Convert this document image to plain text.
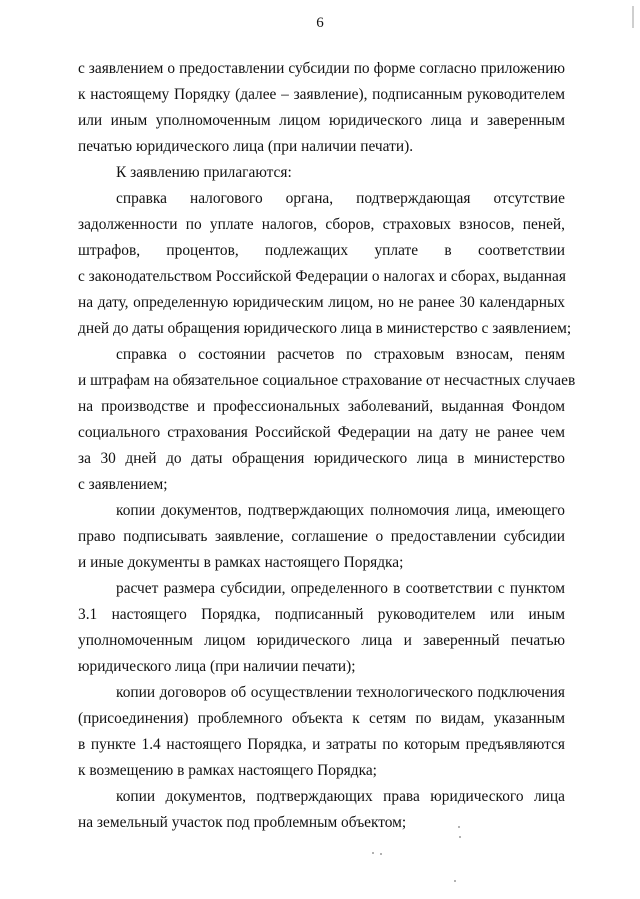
6
с заявлением о предоставлении субсидии по форме согласно приложению
к настоящему Порядку (далее – заявление), подписанным руководителем
или иным уполномоченным лицом юридического лица и заверенным
печатью юридического лица (при наличии печати).
К заявлению прилагаются:
справка налогового органа, подтверждающая отсутствие
задолженности по уплате налогов, сборов, страховых взносов, пеней,
штрафов, процентов, подлежащих уплате в соответствии
с законодательством Российской Федерации о налогах и сборах, выданная
на дату, определенную юридическим лицом, но не ранее 30 календарных
дней до даты обращения юридического лица в министерство с заявлением;
справка о состоянии расчетов по страховым взносам, пеням
и штрафам на обязательное социальное страхование от несчастных случаев
на производстве и профессиональных заболеваний, выданная Фондом
социального страхования Российской Федерации на дату не ранее чем
за 30 дней до даты обращения юридического лица в министерство
с заявлением;
копии документов, подтверждающих полномочия лица, имеющего
право подписывать заявление, соглашение о предоставлении субсидии
и иные документы в рамках настоящего Порядка;
расчет размера субсидии, определенного в соответствии с пунктом
3.1 настоящего Порядка, подписанный руководителем или иным
уполномоченным лицом юридического лица и заверенный печатью
юридического лица (при наличии печати);
копии договоров об осуществлении технологического подключения
(присоединения) проблемного объекта к сетям по видам, указанным
в пункте 1.4 настоящего Порядка, и затраты по которым предъявляются
к возмещению в рамках настоящего Порядка;
копии документов, подтверждающих права юридического лица
на земельный участок под проблемным объектом;
